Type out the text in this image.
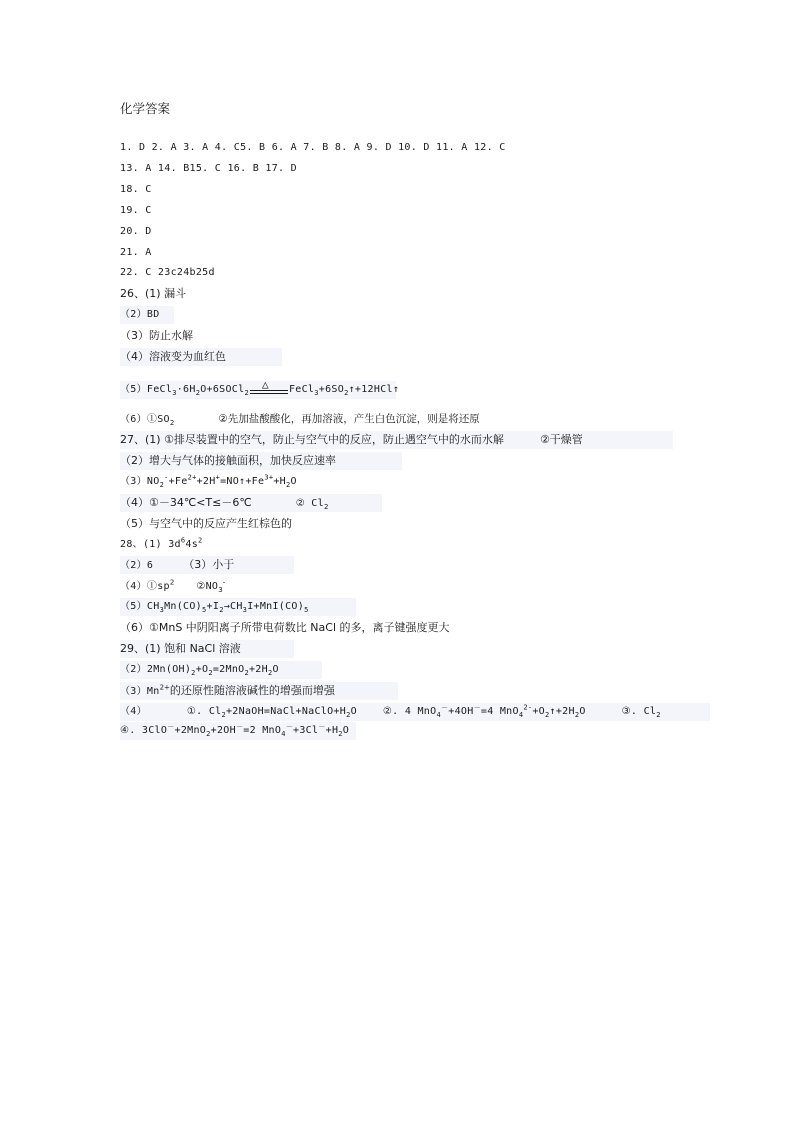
化学答案
1. D 2. A 3. A 4. C5. B 6. A 7. B 8. A 9. D 10. D 11. A 12. C
13. A 14. B15. C 16. B 17. D
18. C
19. C
20. D
21. A
22. C 23c24b25d
26、(1) 漏斗
（2）BD
（3）防止水解
（4）溶液变为血红色
$(5)FeCl_3\cdot 6H_2O+6SOCl_2$
△ $FeCl_3+6SO_2↑+12HCl↑$
$(6)①SO_2$	②先加盐酸酸化，再加溶液，产生白色沉淀，则是将还原
27、(1) ①排尽装置中的空气，防止与空气中的反应，防止遇空气中的水而水解	②干燥管
（2）增大与气体的接触面积，加快反应速率
$(3)NO_2^-+Fe^{2+}+2H^+=NO↑+Fe^{3+}+H_2O$
（4）①－34℃<T≤－6℃	② $Cl_2$
（5）与空气中的反应产生红棕色的
28、(1) $3d^64s^2$
（2）6	（3）小于
$(4)①sp^2$ $②NO_3^-$
$(5)CH_3Mn(CO)_5+I_2\to CH_3I+MnI(CO)_5$
（6）①MnS 中阴阳离子所带电荷数比 NaCl 的多，离子键强度更大
29、(1) 饱和 NaCl 溶液
$(2)2Mn(OH)_2+O_2=2MnO_2+2H_2O$
$(3)Mn^{2+}$的还原性随溶液碱性的增强而增强
（4）	①. $Cl_2+2NaOH=NaCl+NaClO+H_2O$	②. 4 MnO$_4$－+4OH－=4 $MnO_4^{2-}+O_2↑+2H_2O$	③. $Cl_2$
④. 3ClO－+2MnO$_2$+2OH－=2 $MnO_4^-+3Cl^-+H_2O$
